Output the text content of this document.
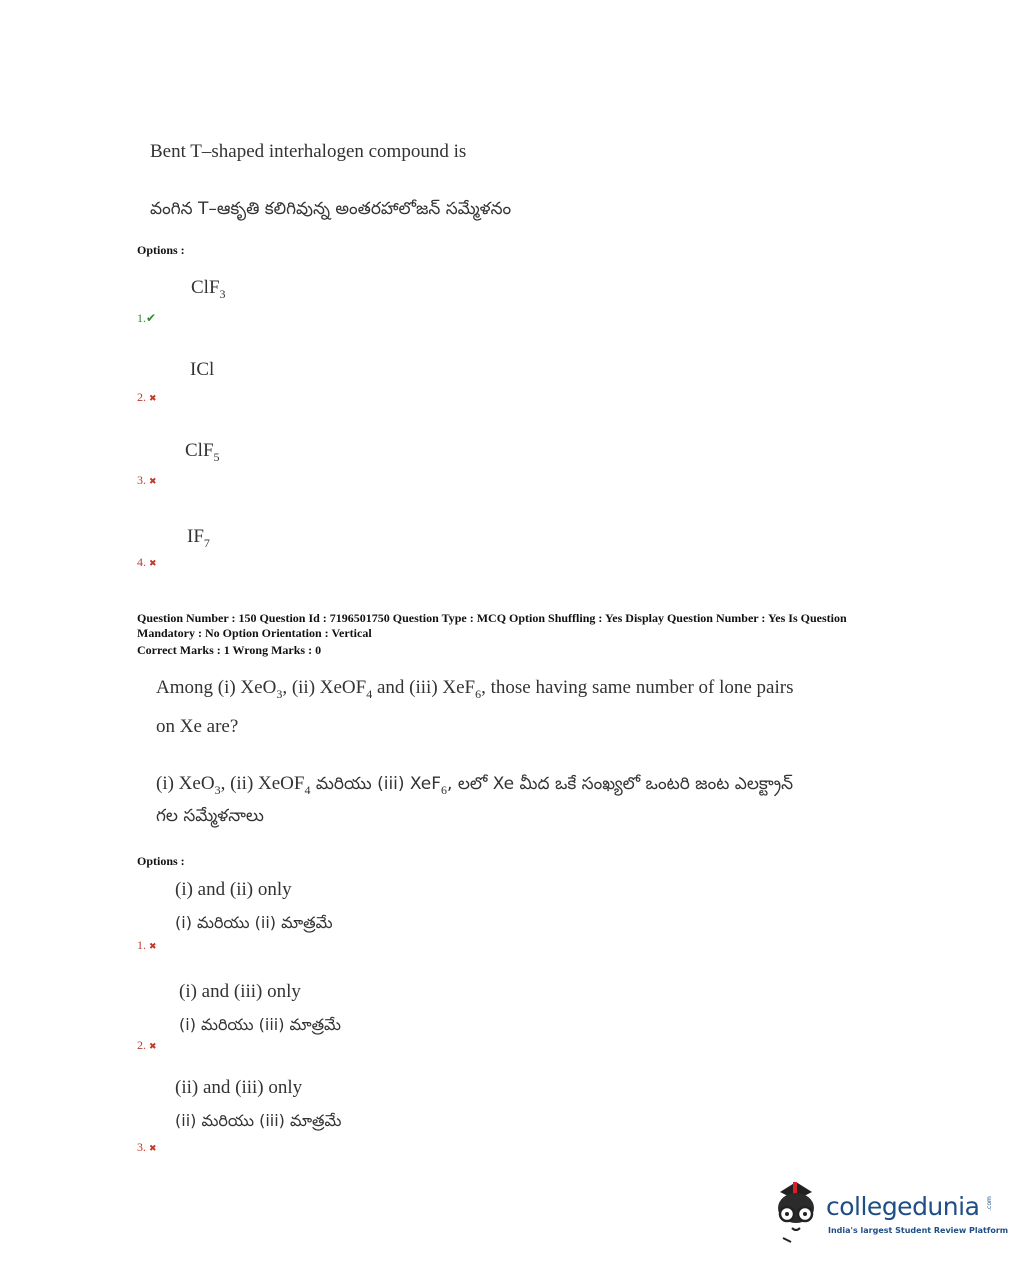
Bent T–shaped interhalogen compound is
వంగిన T–ఆకృతి కలిగివున్న అంతరహాలోజన్ సమ్మేళనం
Options :
ClF$_3$
1.✔
ICl
2. ✖
ClF$_5$
3. ✖
$IF_7$
4. ✖
Question Number : 150 Question Id : 7196501750 Question Type : MCQ Option Shuffling : Yes Display Question Number : Yes Is Question Mandatory : No Option Orientation : Vertical
Correct Marks : 1 Wrong Marks : 0
Among (i) XeO$_3$, (ii) XeOF$_4$ and (iii) XeF$_6$, those having same number of lone pairs
on Xe are?
(i) XeO$_3$, (ii) XeOF$_4$ మరియు (iii) XeF$_6$, లలో Xe మీద ఒకే సంఖ్యలో ఒంటరి జంట ఎలక్ట్రాన్
గల సమ్మేళనాలు
Options :
(i) and (ii) only
(i) మరియు (ii) మాత్రమే
1. ✖
(i) and (iii) only
(i) మరియు (iii) మాత్రమే
2. ✖
(ii) and (iii) only
(ii) మరియు (iii) మాత్రమే
3. ✖
collegedunia .com
India's largest Student Review Platform
